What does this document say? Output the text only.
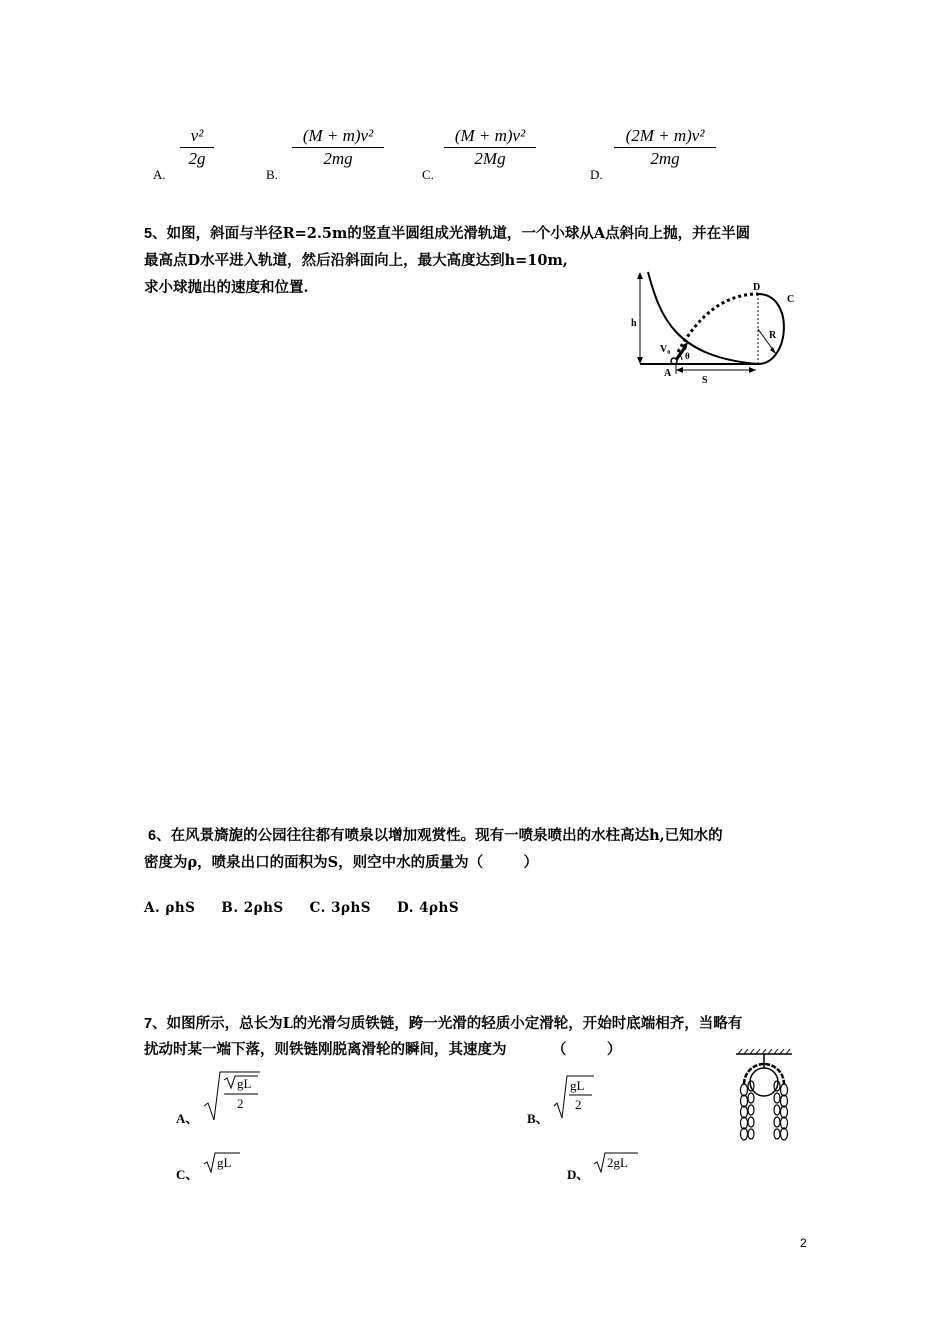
A.
v²
2g
B.
(M + m)v²
2mg
C.
(M + m)v²
2Mg
D.
(2M + m)v²
2mg
5、如图，斜面与半径R=2.5m的竖直半圆组成光滑轨道，一个小球从A点斜向上抛，并在半圆
最高点D水平进入轨道，然后沿斜面向上，最大高度达到h=10m,
求小球抛出的速度和位置.	D
C
R
h
V₀
θ
A
S
6、在风景旖旎的公园往往都有喷泉以增加观赏性。现有一喷泉喷出的水柱高达h,已知水的
密度为ρ，喷泉出口的面积为S，则空中水的质量为（        ）
A. ρhS     B. 2ρhS     C. 3ρhS     D. 4ρhS
7、如图所示，总长为L的光滑匀质铁链，跨一光滑的轻质小定滑轮，开始时底端相齐，当略有
扰动时某一端下落，则铁链刚脱离滑轮的瞬间，其速度为         （        ）
A、
gL
2
B、
gL
2
C、
gL
D、
2gL
2
